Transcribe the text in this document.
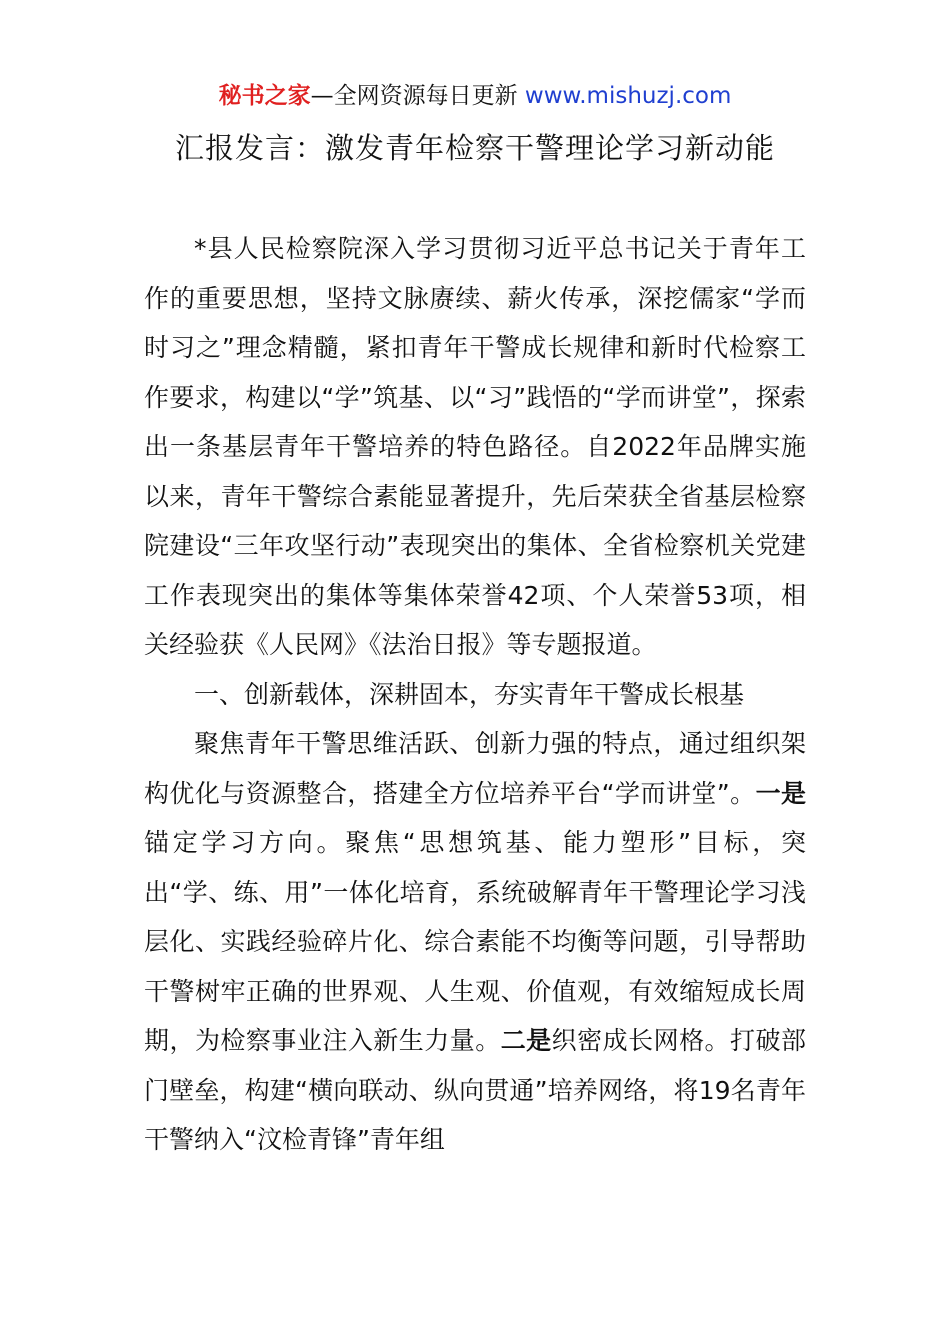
秘书之家—全网资源每日更新 www.mishuzj.com
汇报发言：激发青年检察干警理论学习新动能

*县人民检察院深入学习贯彻习近平总书记关于青年工作的重要思想，坚持文脉赓续、薪火传承，深挖儒家“学而时习之”理念精髓，紧扣青年干警成长规律和新时代检察工作要求，构建以“学”筑基、以“习”践悟的“学而讲堂”，探索出一条基层青年干警培养的特色路径。自2022年品牌实施以来，青年干警综合素能显著提升，先后荣获全省基层检察院建设“三年攻坚行动”表现突出的集体、全省检察机关党建工作表现突出的集体等集体荣誉42项、个人荣誉53项，相关经验获《人民网》《法治日报》等专题报道。

一、创新载体，深耕固本，夯实青年干警成长根基

聚焦青年干警思维活跃、创新力强的特点，通过组织架构优化与资源整合，搭建全方位培养平台“学而讲堂”。一是锚定学习方向。聚焦“思想筑基、能力塑形”目标，突出“学、练、用”一体化培育，系统破解青年干警理论学习浅层化、实践经验碎片化、综合素能不均衡等问题，引导帮助干警树牢正确的世界观、人生观、价值观，有效缩短成长周期，为检察事业注入新生力量。二是织密成长网格。打破部门壁垒，构建“横向联动、纵向贯通”培养网络，将19名青年干警纳入“汶检青锋”青年组
